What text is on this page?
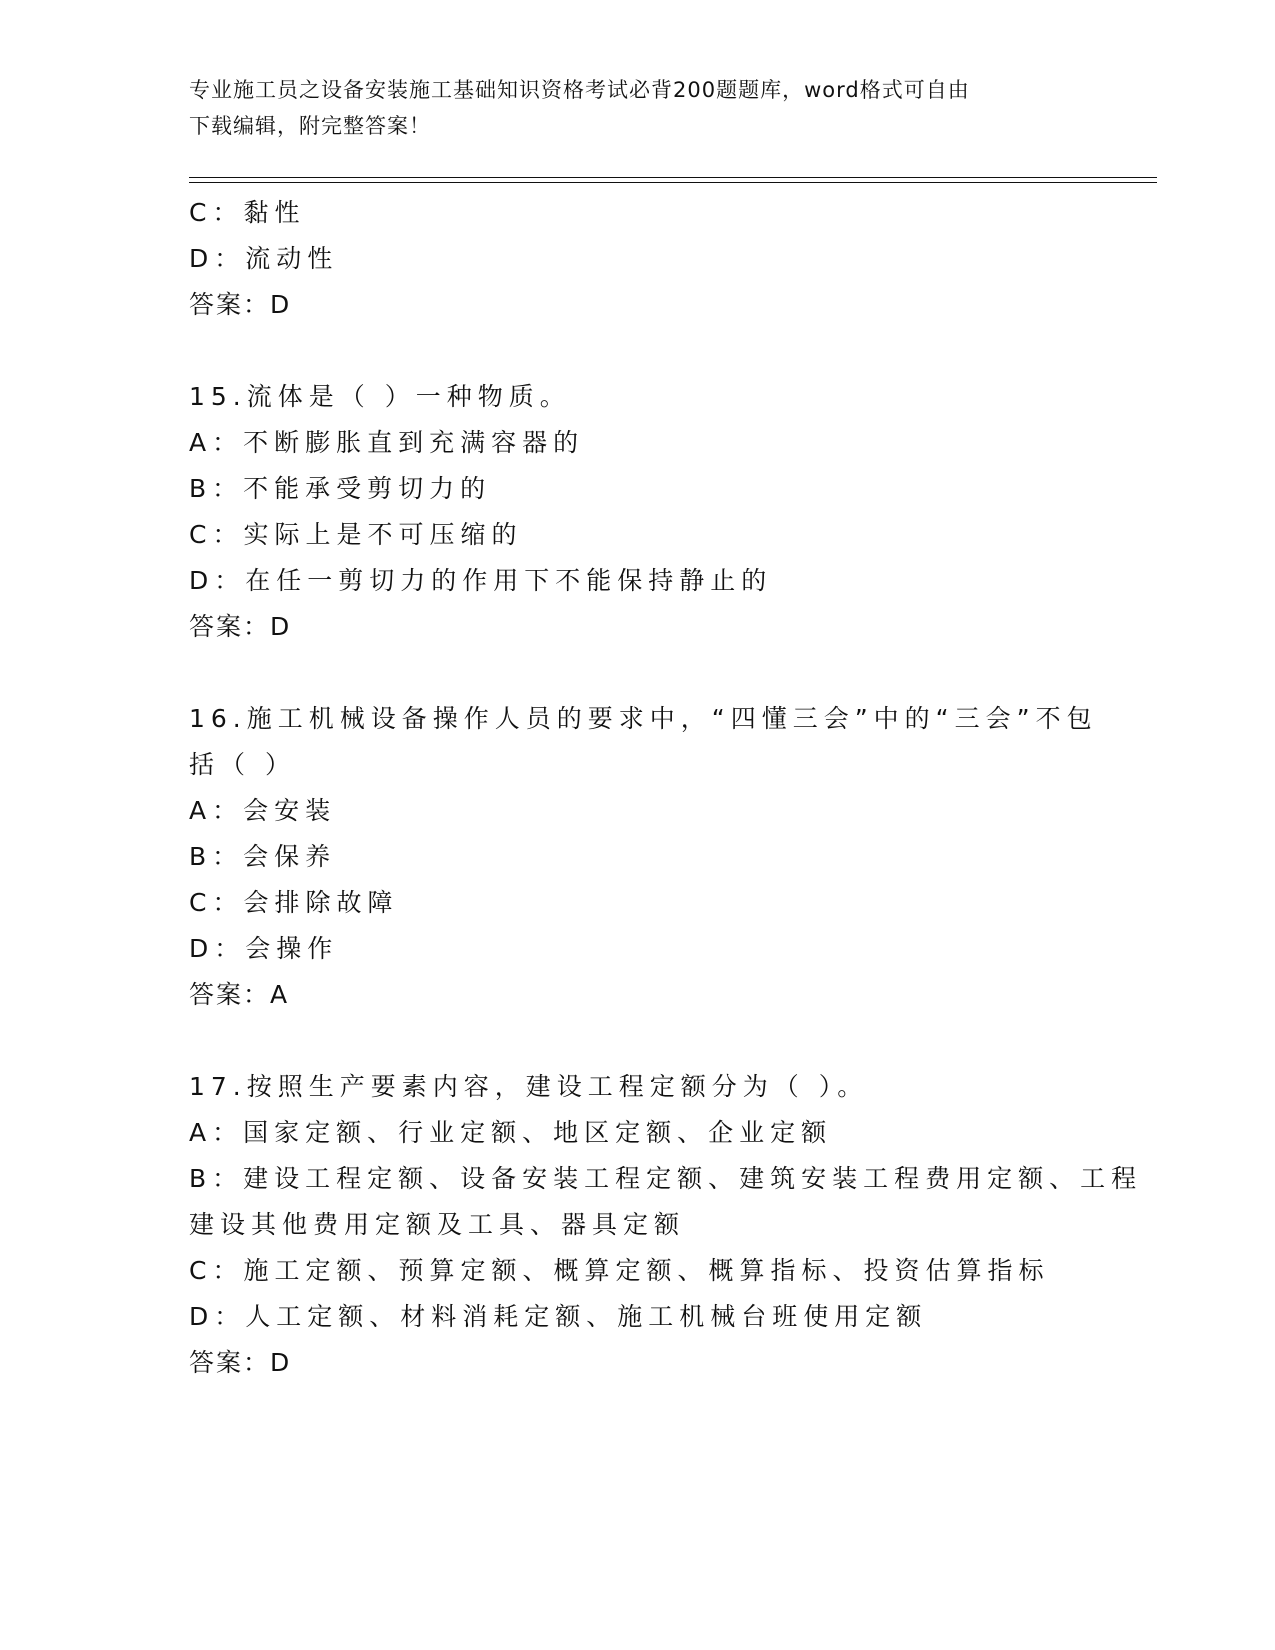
专业施工员之设备安装施工基础知识资格考试必背200题题库，word格式可自由
下载编辑，附完整答案！
C：黏性
D：流动性
答案：D
15.流体是（ ）一种物质。
A：不断膨胀直到充满容器的
B：不能承受剪切力的
C：实际上是不可压缩的
D：在任一剪切力的作用下不能保持静止的
答案：D
16.施工机械设备操作人员的要求中，“四懂三会”中的“三会”不包
括（ ）
A：会安装
B：会保养
C：会排除故障
D：会操作
答案：A
17.按照生产要素内容，建设工程定额分为（ ）。
A：国家定额、行业定额、地区定额、企业定额
B：建设工程定额、设备安装工程定额、建筑安装工程费用定额、工程
建设其他费用定额及工具、器具定额
C：施工定额、预算定额、概算定额、概算指标、投资估算指标
D：人工定额、材料消耗定额、施工机械台班使用定额
答案：D
